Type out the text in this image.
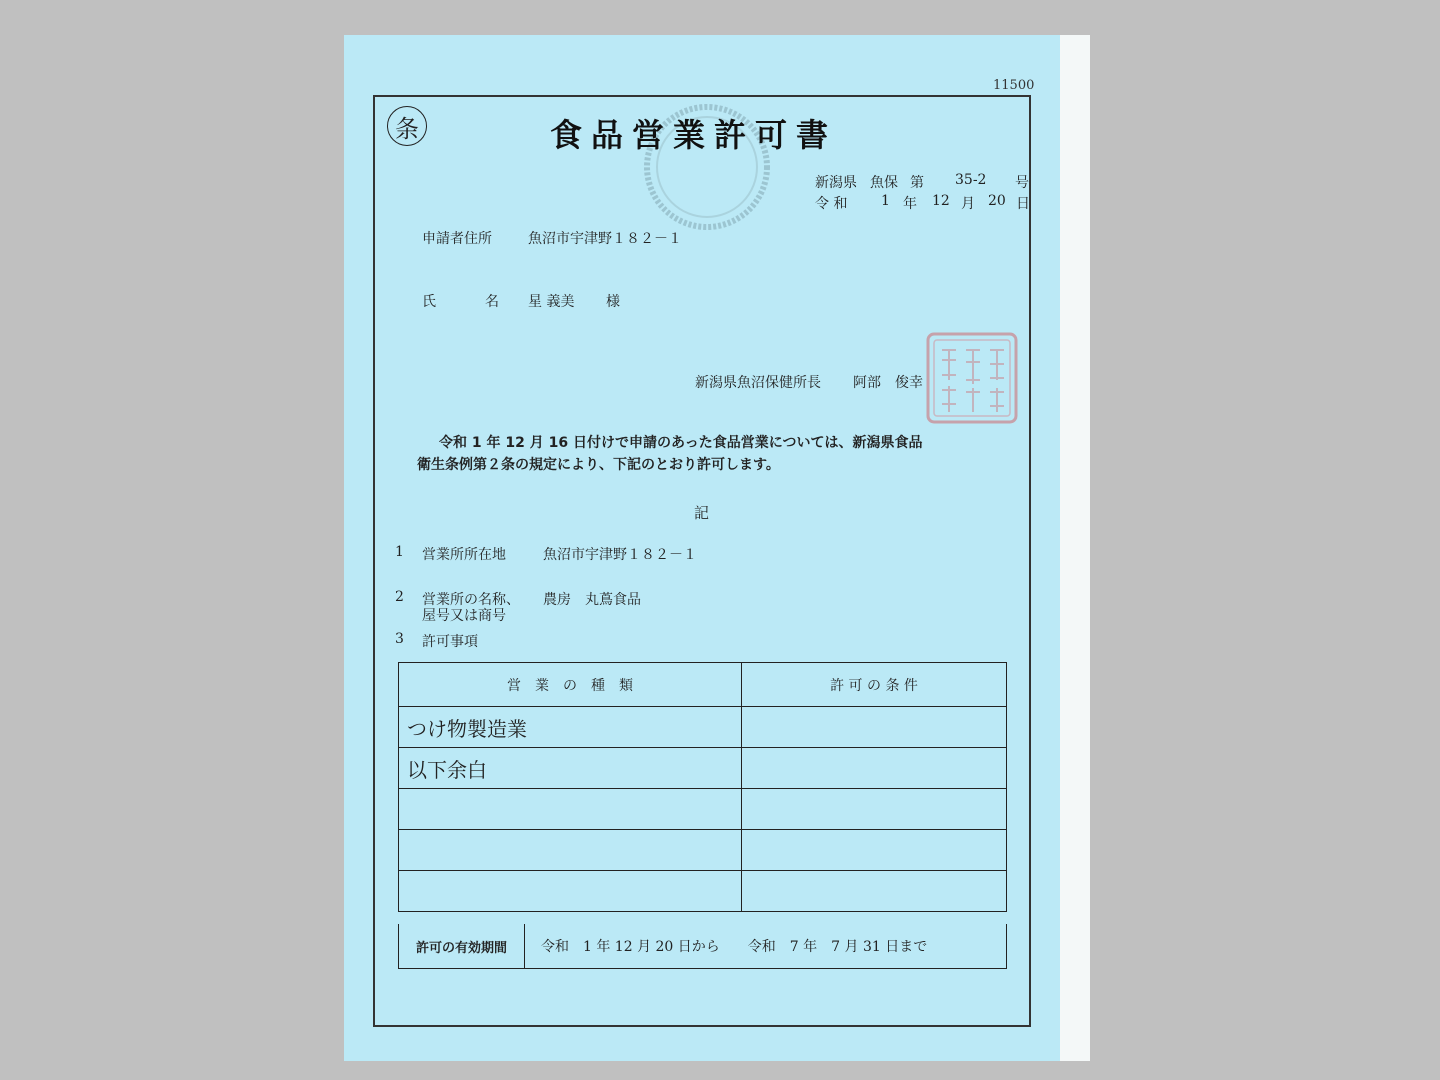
11500
条	食品営業許可書
新潟県 魚保 第 35-2 号
令 和 1 年 12 月 20 日
申請者住所	魚沼市宇津野１８２－１
氏	名 星 義美 様
新潟県魚沼保健所長 阿部　俊幸
令和 1 年 12 月 16 日付けで申請のあった食品営業については、新潟県食品
衛生条例第２条の規定により、下記のとおり許可します。
記
1 営業所所在地	魚沼市宇津野１８２－１
2 営業所の名称、
屋号又は商号
農房　丸蔦食品
3 許可事項
営　業　の　種　類	許 可 の 条 件
つけ物製造業	
以下余白	

許可の有効期間	令和　1 年 12 月 20 日から　　令和　7 年　7 月 31 日まで
